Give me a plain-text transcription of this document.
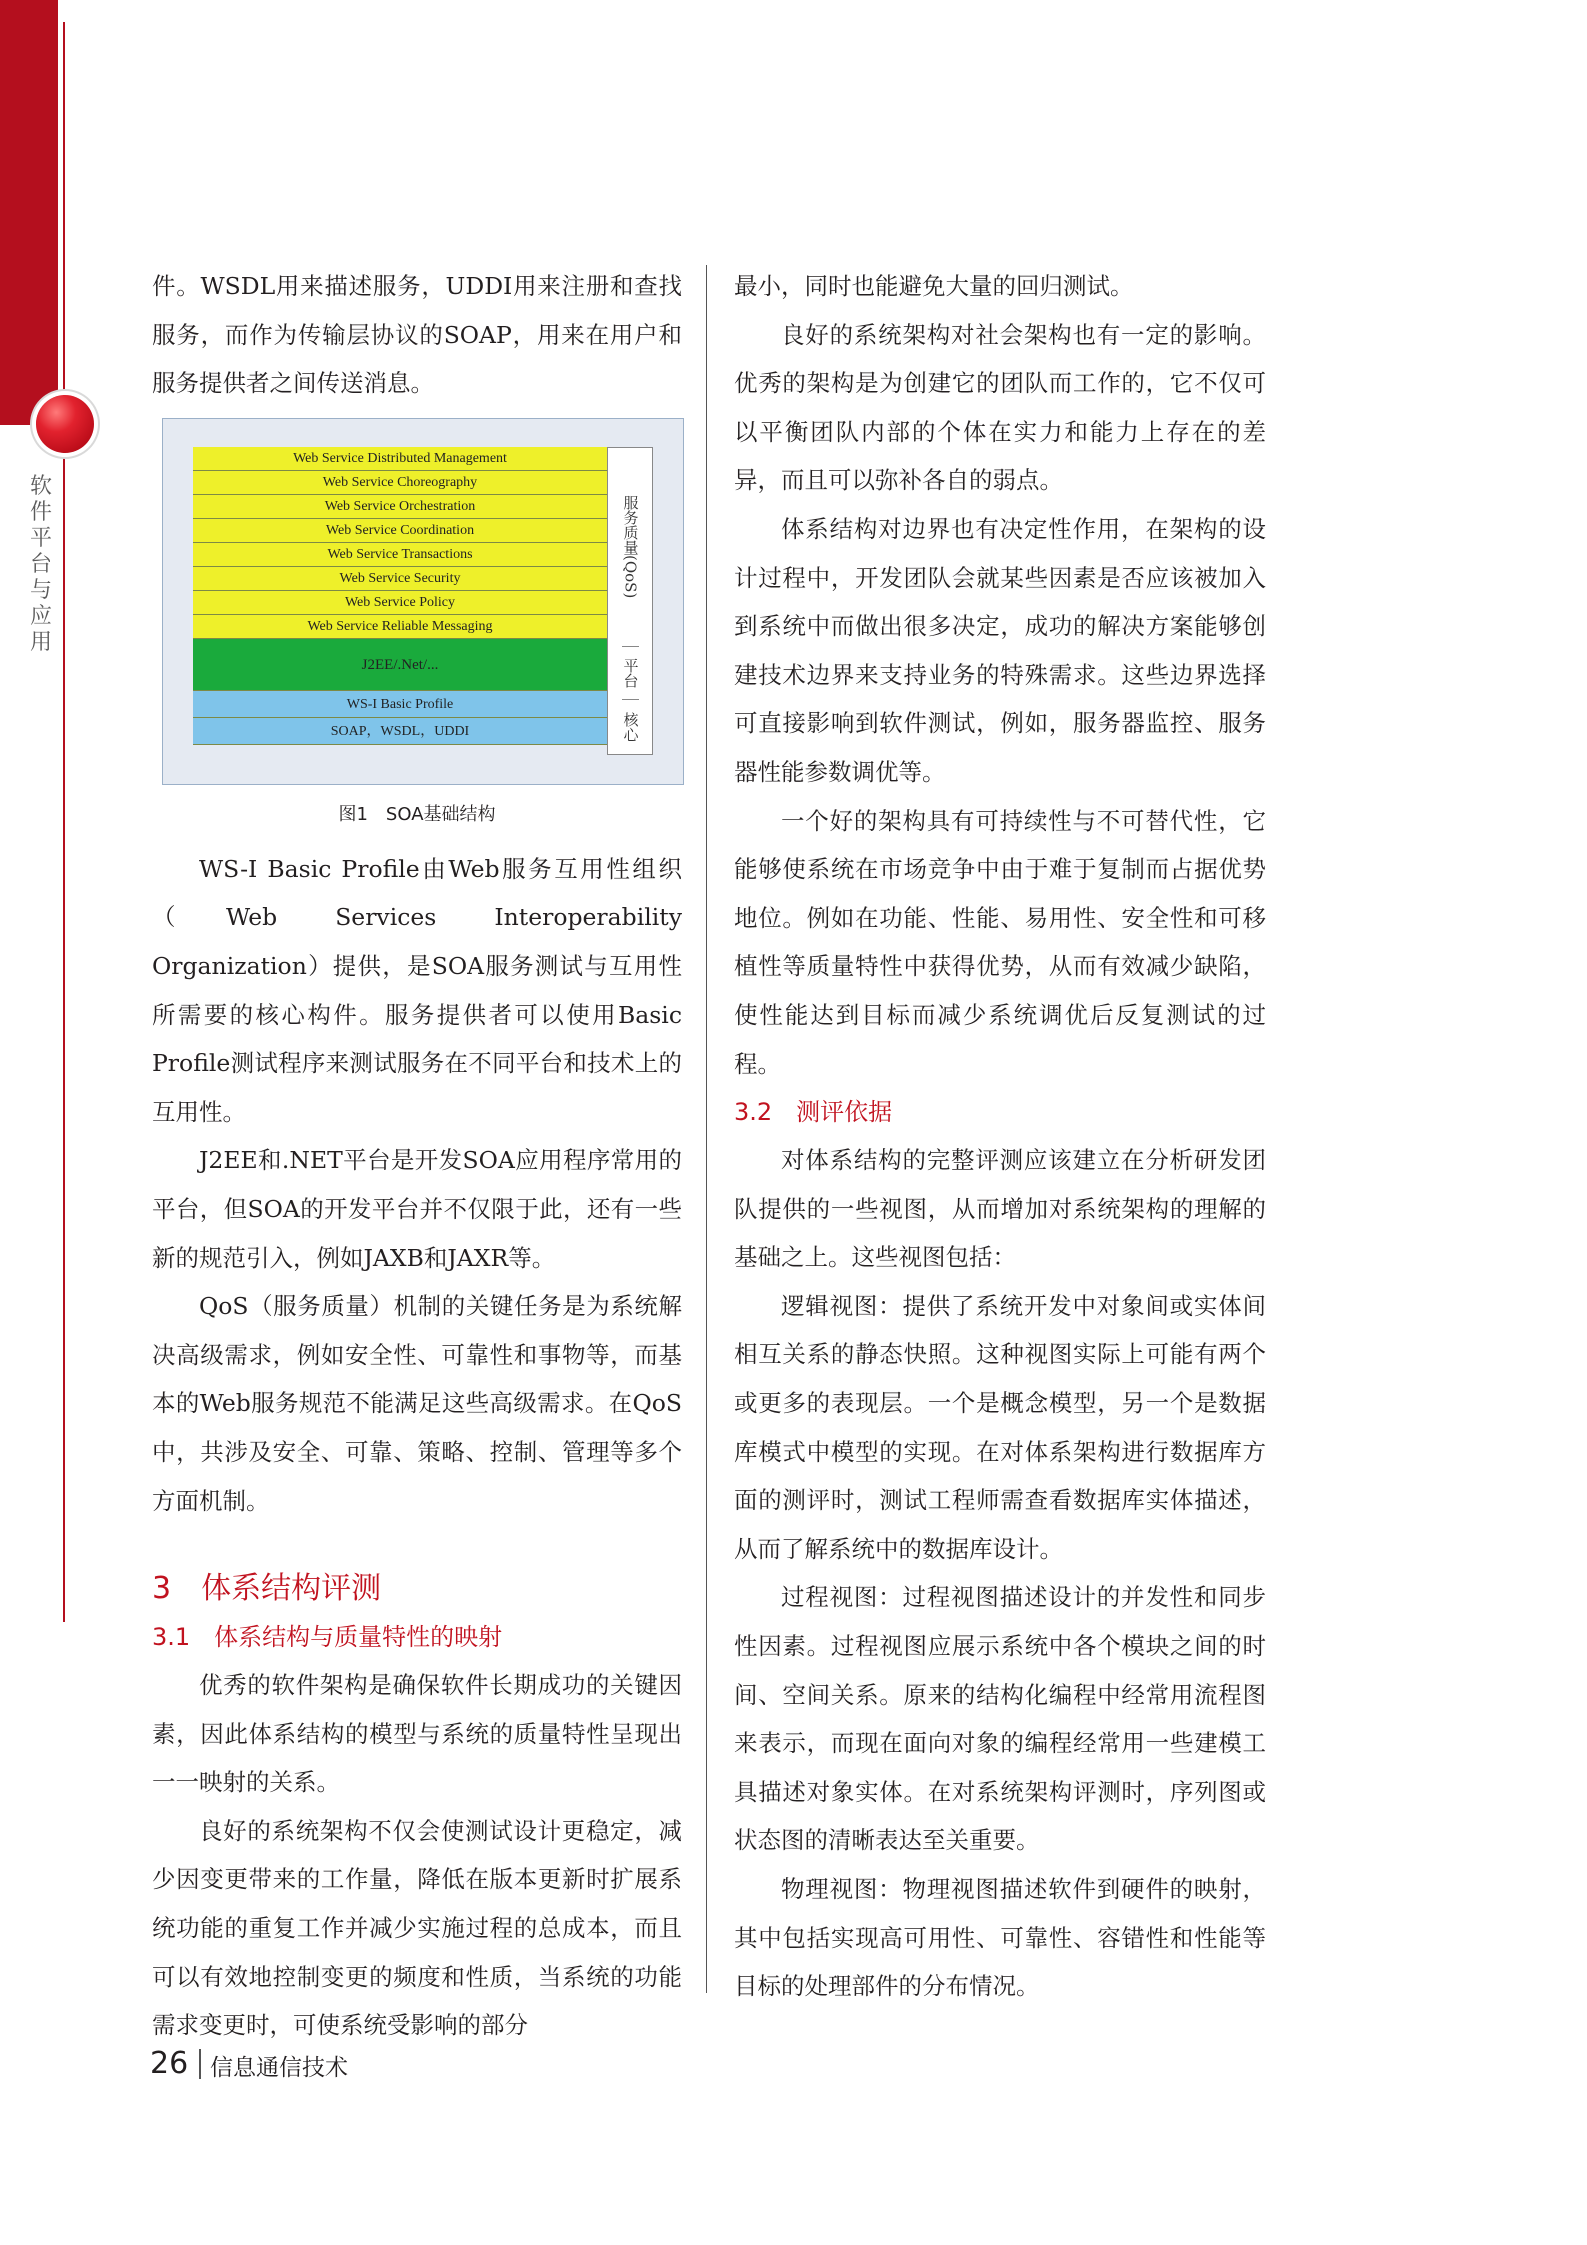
软件平台与应用

件。WSDL用来描述服务，UDDI用来注册和查找服务，而作为传输层协议的SOAP，用来在用户和服务提供者之间传送消息。

Web Service Distributed Management
Web Service Choreography
Web Service Orchestration
Web Service Coordination
Web Service Transactions
Web Service Security
Web Service Policy
Web Service Reliable Messaging
J2EE/.Net/...
WS-I Basic Profile
SOAP，WSDL，UDDI
服务质量(QoS)
平台
核心
图1　SOA基础结构

WS-I Basic Profile由Web服务互用性组织（Web Services Interoperability Organization）提供，是SOA服务测试与互用性所需要的核心构件。服务提供者可以使用Basic Profile测试程序来测试服务在不同平台和技术上的互用性。

J2EE和.NET平台是开发SOA应用程序常用的平台，但SOA的开发平台并不仅限于此，还有一些新的规范引入，例如JAXB和JAXR等。

QoS（服务质量）机制的关键任务是为系统解决高级需求，例如安全性、可靠性和事物等，而基本的Web服务规范不能满足这些高级需求。在QoS中，共涉及安全、可靠、策略、控制、管理等多个方面机制。

3　体系结构评测
3.1　体系结构与质量特性的映射

优秀的软件架构是确保软件长期成功的关键因素，因此体系结构的模型与系统的质量特性呈现出一一映射的关系。

良好的系统架构不仅会使测试设计更稳定，减少因变更带来的工作量，降低在版本更新时扩展系统功能的重复工作并减少实施过程的总成本，而且可以有效地控制变更的频度和性质，当系统的功能需求变更时，可使系统受影响的部分

最小，同时也能避免大量的回归测试。

良好的系统架构对社会架构也有一定的影响。优秀的架构是为创建它的团队而工作的，它不仅可以平衡团队内部的个体在实力和能力上存在的差异，而且可以弥补各自的弱点。

体系结构对边界也有决定性作用，在架构的设计过程中，开发团队会就某些因素是否应该被加入到系统中而做出很多决定，成功的解决方案能够创建技术边界来支持业务的特殊需求。这些边界选择可直接影响到软件测试，例如，服务器监控、服务器性能参数调优等。

一个好的架构具有可持续性与不可替代性，它能够使系统在市场竞争中由于难于复制而占据优势地位。例如在功能、性能、易用性、安全性和可移植性等质量特性中获得优势，从而有效减少缺陷，使性能达到目标而减少系统调优后反复测试的过程。

3.2　测评依据

对体系结构的完整评测应该建立在分析研发团队提供的一些视图，从而增加对系统架构的理解的基础之上。这些视图包括：

逻辑视图：提供了系统开发中对象间或实体间相互关系的静态快照。这种视图实际上可能有两个或更多的表现层。一个是概念模型，另一个是数据库模式中模型的实现。在对体系架构进行数据库方面的测评时，测试工程师需查看数据库实体描述，从而了解系统中的数据库设计。

过程视图：过程视图描述设计的并发性和同步性因素。过程视图应展示系统中各个模块之间的时间、空间关系。原来的结构化编程中经常用流程图来表示，而现在面向对象的编程经常用一些建模工具描述对象实体。在对系统架构评测时，序列图或状态图的清晰表达至关重要。

物理视图：物理视图描述软件到硬件的映射，其中包括实现高可用性、可靠性、容错性和性能等目标的处理部件的分布情况。

26 信息通信技术
